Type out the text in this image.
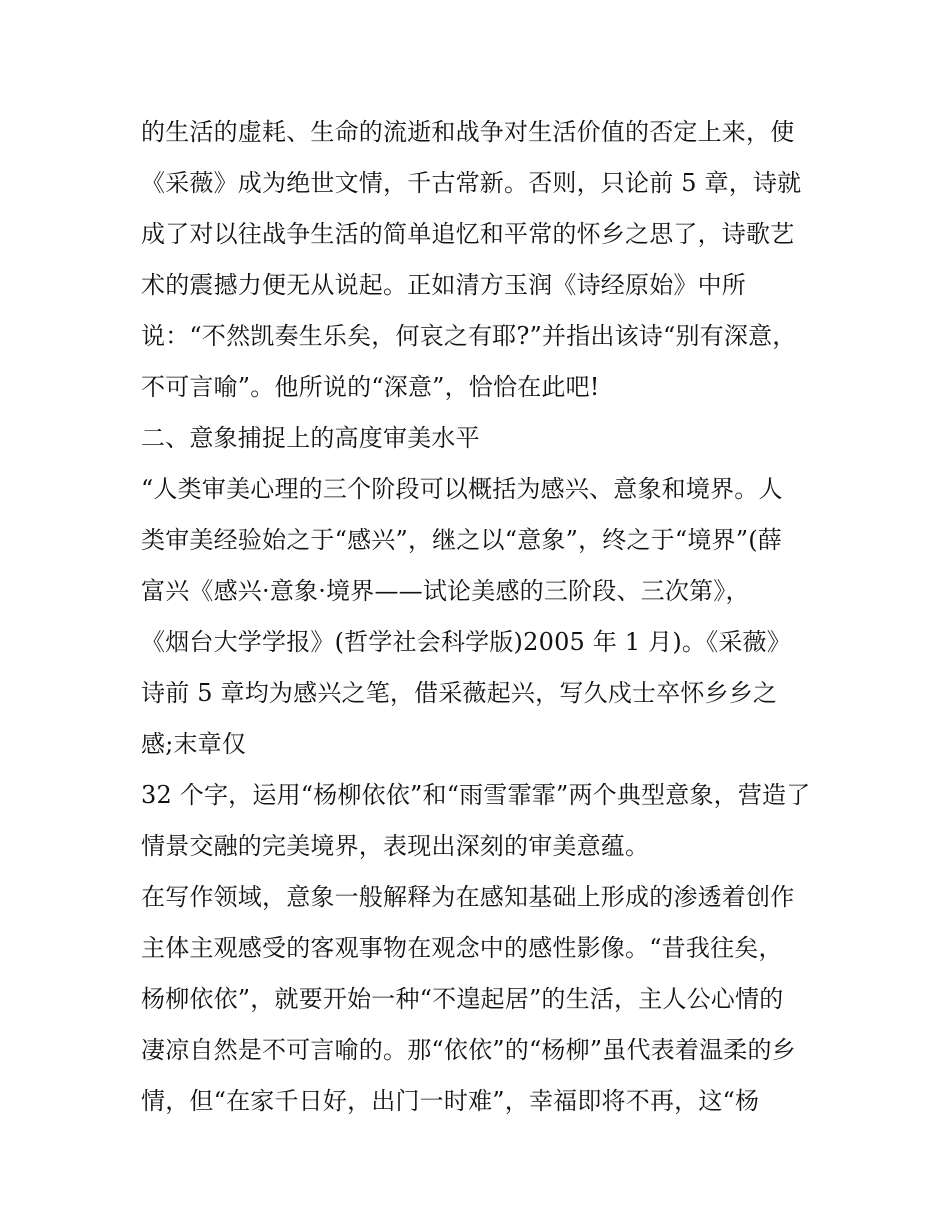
的生活的虚耗、生命的流逝和战争对生活价值的否定上来，使
《采薇》成为绝世文情，千古常新。否则，只论前 5 章，诗就
成了对以往战争生活的简单追忆和平常的怀乡之思了，诗歌艺
术的震撼力便无从说起。正如清方玉润《诗经原始》中所
说：“不然凯奏生乐矣，何哀之有耶?”并指出该诗“别有深意，
不可言喻”。他所说的“深意”，恰恰在此吧!
二、意象捕捉上的高度审美水平
“人类审美心理的三个阶段可以概括为感兴、意象和境界。人
类审美经验始之于“感兴”，继之以“意象”，终之于“境界”(薛
富兴《感兴·意象·境界——试论美感的三阶段、三次第》，
《烟台大学学报》(哲学社会科学版)2005 年 1 月)。《采薇》
诗前 5 章均为感兴之笔，借采薇起兴，写久戍士卒怀乡乡之
感;末章仅
32 个字，运用“杨柳依依”和“雨雪霏霏”两个典型意象，营造了
情景交融的完美境界，表现出深刻的审美意蕴。
在写作领域，意象一般解释为在感知基础上形成的渗透着创作
主体主观感受的客观事物在观念中的感性影像。“昔我往矣，
杨柳依依”，就要开始一种“不遑起居”的生活，主人公心情的
凄凉自然是不可言喻的。那“依依”的“杨柳”虽代表着温柔的乡
情，但“在家千日好，出门一时难”，幸福即将不再，这“杨
